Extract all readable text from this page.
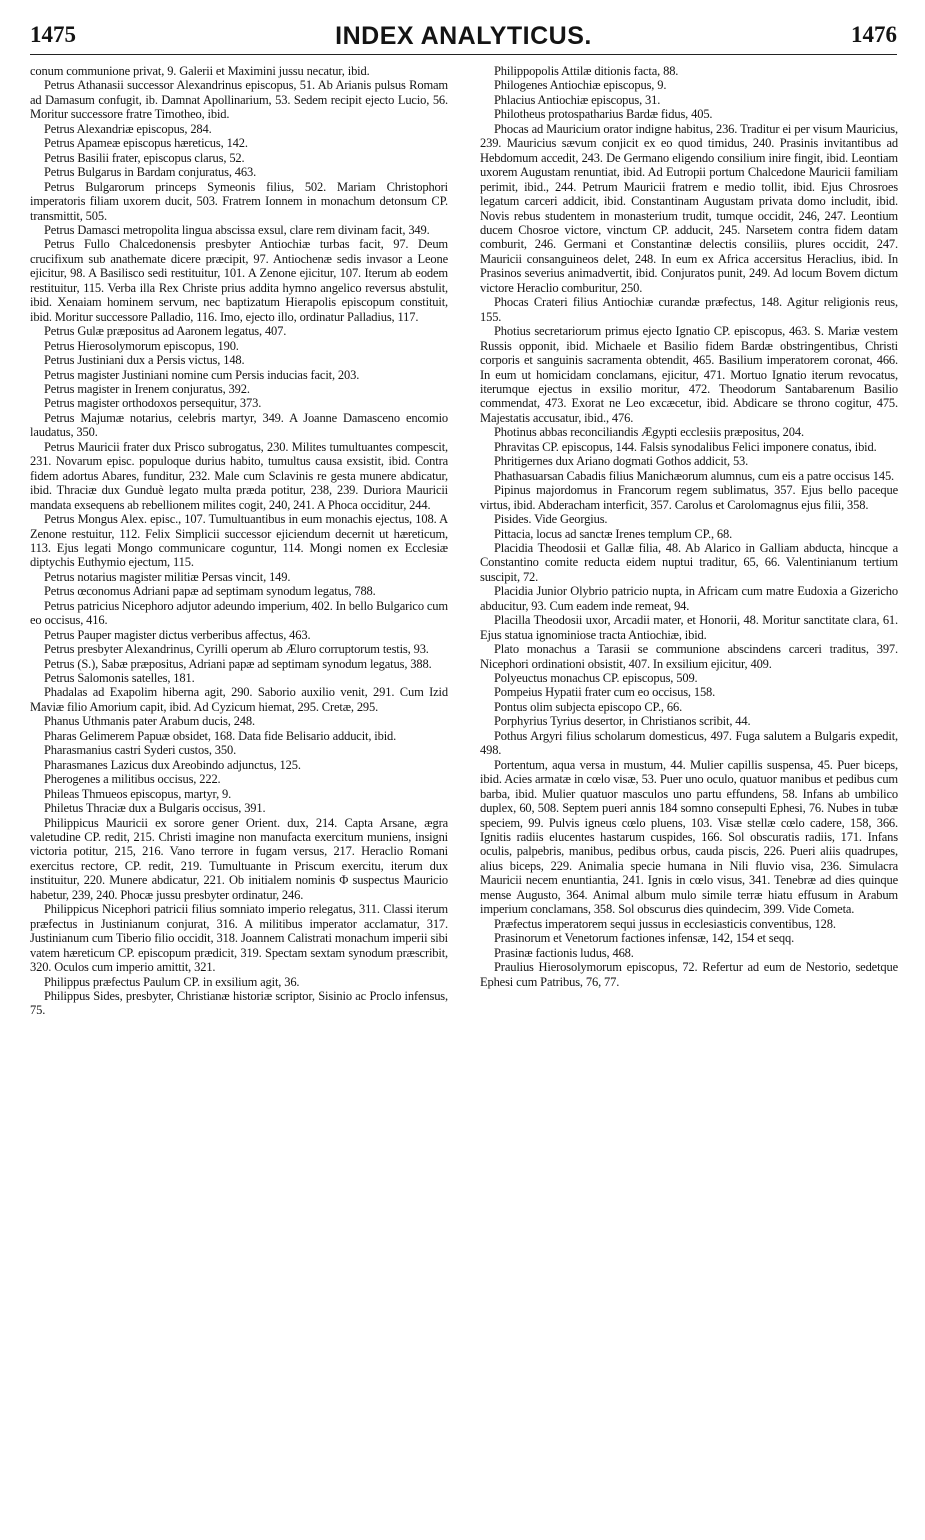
1475	INDEX ANALYTICUS.	1476

conum communione privat, 9. Galerii et Maximini jussu necatur, ibid.

Petrus Athanasii successor Alexandrinus episcopus, 51. Ab Arianis pulsus Romam ad Damasum confugit, ib. Damnat Apollinarium, 53. Sedem recipit ejecto Lucio, 56. Moritur successore fratre Timotheo, ibid.

Petrus Alexandriæ episcopus, 284.

Petrus Apameæ episcopus hæreticus, 142.

Petrus Basilii frater, episcopus clarus, 52.

Petrus Bulgarus in Bardam conjuratus, 463.

Petrus Bulgarorum princeps Symeonis filius, 502. Mariam Christophori imperatoris filiam uxorem ducit, 503. Fratrem Ionnem in monachum detonsum CP. transmittit, 505.

Petrus Damasci metropolita lingua abscissa exsul, clare rem divinam facit, 349.

Petrus Fullo Chalcedonensis presbyter Antiochiæ turbas facit, 97. Deum crucifixum sub anathemate dicere præcipit, 97. Antiochenæ sedis invasor a Leone ejicitur, 98. A Basilisco sedi restituitur, 101. A Zenone ejicitur, 107. Iterum ab eodem restituitur, 115. Verba illa Rex Christe prius addita hymno angelico reversus abstulit, ibid. Xenaiam hominem servum, nec baptizatum Hierapolis episcopum constituit, ibid. Moritur successore Palladio, 116. Imo, ejecto illo, ordinatur Palladius, 117.

Petrus Gulæ præpositus ad Aaronem legatus, 407.

Petrus Hierosolymorum episcopus, 190.

Petrus Justiniani dux a Persis victus, 148.

Petrus magister Justiniani nomine cum Persis inducias facit, 203.

Petrus magister in Irenem conjuratus, 392.

Petrus magister orthodoxos persequitur, 373.

Petrus Majumæ notarius, celebris martyr, 349. A Joanne Damasceno encomio laudatus, 350.

Petrus Mauricii frater dux Prisco subrogatus, 230. Milites tumultuantes compescit, 231. Novarum episc. populoque durius habito, tumultus causa exsistit, ibid. Contra fidem adortus Abares, funditur, 232. Male cum Sclavinis re gesta munere abdicatur, ibid. Thraciæ dux Gunduè legato multa præda potitur, 238, 239. Duriora Mauricii mandata exsequens ab rebellionem milites cogit, 240, 241. A Phoca occiditur, 244.

Petrus Mongus Alex. episc., 107. Tumultuantibus in eum monachis ejectus, 108. A Zenone restuitur, 112. Felix Simplicii successor ejiciendum decernit ut hæreticum, 113. Ejus legati Mongo communicare coguntur, 114. Mongi nomen ex Ecclesiæ diptychis Euthymio ejectum, 115.

Petrus notarius magister militiæ Persas vincit, 149.

Petrus œconomus Adriani papæ ad septimam synodum legatus, 788.

Petrus patricius Nicephoro adjutor adeundo imperium, 402. In bello Bulgarico cum eo occisus, 416.

Petrus Pauper magister dictus verberibus affectus, 463.

Petrus presbyter Alexandrinus, Cyrilli operum ab Æluro corruptorum testis, 93.

Petrus (S.), Sabæ præpositus, Adriani papæ ad septimam synodum legatus, 388.

Petrus Salomonis satelles, 181.

Phadalas ad Exapolim hiberna agit, 290. Saborio auxilio venit, 291. Cum Izid Maviæ filio Amorium capit, ibid. Ad Cyzicum hiemat, 295. Cretæ, 295.

Phanus Uthmanis pater Arabum ducis, 248.

Pharas Gelimerem Papuæ obsidet, 168. Data fide Belisario adducit, ibid.

Pharasmanius castri Syderi custos, 350.

Pharasmanes Lazicus dux Areobindo adjunctus, 125.

Pherogenes a militibus occisus, 222.

Phileas Thmueos episcopus, martyr, 9.

Philetus Thraciæ dux a Bulgaris occisus, 391.

Philippicus Mauricii ex sorore gener Orient. dux, 214. Capta Arsane, ægra valetudine CP. redit, 215. Christi imagine non manufacta exercitum muniens, insigni victoria potitur, 215, 216. Vano terrore in fugam versus, 217. Heraclio Romani exercitus rectore, CP. redit, 219. Tumultuante in Priscum exercitu, iterum dux instituitur, 220. Munere abdicatur, 221. Ob initialem nominis Φ suspectus Mauricio habetur, 239, 240. Phocæ jussu presbyter ordinatur, 246.

Philippicus Nicephori patricii filius somniato imperio relegatus, 311. Classi iterum præfectus in Justinianum conjurat, 316. A militibus imperator acclamatur, 317. Justinianum cum Tiberio filio occidit, 318. Joannem Calistrati monachum imperii sibi vatem hæreticum CP. episcopum prædicit, 319. Spectam sextam synodum præscribit, 320. Oculos cum imperio amittit, 321.

Philippus præfectus Paulum CP. in exsilium agit, 36.

Philippus Sides, presbyter, Christianæ historiæ scriptor, Sisinio ac Proclo infensus, 75.

Philippopolis Attilæ ditionis facta, 88.

Philogenes Antiochiæ episcopus, 9.

Phlacius Antiochiæ episcopus, 31.

Philotheus protospatharius Bardæ fidus, 405.

Phocas ad Mauricium orator indigne habitus, 236. Traditur ei per visum Mauricius, 239. Mauricius sævum conjicit ex eo quod timidus, 240. Prasinis invitantibus ad Hebdomum accedit, 243. De Germano eligendo consilium inire fingit, ibid. Leontiam uxorem Augustam renuntiat, ibid. Ad Eutropii portum Chalcedone Mauricii familiam perimit, ibid., 244. Petrum Mauricii fratrem e medio tollit, ibid. Ejus Chrosroes legatum carceri addicit, ibid. Constantinam Augustam privata domo includit, ibid. Novis rebus studentem in monasterium trudit, tumque occidit, 246, 247. Leontium ducem Chosroe victore, vinctum CP. adducit, 245. Narsetem contra fidem datam comburit, 246. Germani et Constantinæ delectis consiliis, plures occidit, 247. Mauricii consanguineos delet, 248. In eum ex Africa accersitus Heraclius, ibid. In Prasinos severius animadvertit, ibid. Conjuratos punit, 249. Ad locum Bovem dictum victore Heraclio comburitur, 250.

Phocas Crateri filius Antiochiæ curandæ præfectus, 148. Agitur religionis reus, 155.

Photius secretariorum primus ejecto Ignatio CP. episcopus, 463. S. Mariæ vestem Russis opponit, ibid. Michaele et Basilio fidem Bardæ obstringentibus, Christi corporis et sanguinis sacramenta obtendit, 465. Basilium imperatorem coronat, 466. In eum ut homicidam conclamans, ejicitur, 471. Mortuo Ignatio iterum revocatus, iterumque ejectus in exsilio moritur, 472. Theodorum Santabarenum Basilio commendat, 473. Exorat ne Leo excæcetur, ibid. Abdicare se throno cogitur, 475. Majestatis accusatur, ibid., 476.

Photinus abbas reconciliandis Ægypti ecclesiis præpositus, 204.

Phravitas CP. episcopus, 144. Falsis synodalibus Felici imponere conatus, ibid.

Phritigernes dux Ariano dogmati Gothos addicit, 53.

Phathasuarsan Cabadis filius Manichæorum alumnus, cum eis a patre occisus 145.

Pipinus majordomus in Francorum regem sublimatus, 357. Ejus bello paceque virtus, ibid. Abderacham interficit, 357. Carolus et Carolomagnus ejus filii, 358.

Pisides. Vide Georgius.

Pittacia, locus ad sanctæ Irenes templum CP., 68.

Placidia Theodosii et Gallæ filia, 48. Ab Alarico in Galliam abducta, hincque a Constantino comite reducta eidem nuptui traditur, 65, 66. Valentinianum tertium suscipit, 72.

Placidia Junior Olybrio patricio nupta, in Africam cum matre Eudoxia a Gizericho abducitur, 93. Cum eadem inde remeat, 94.

Placilla Theodosii uxor, Arcadii mater, et Honorii, 48. Moritur sanctitate clara, 61. Ejus statua ignominiose tracta Antiochiæ, ibid.

Plato monachus a Tarasii se communione abscindens carceri traditus, 397. Nicephori ordinationi obsistit, 407. In exsilium ejicitur, 409.

Polyeuctus monachus CP. episcopus, 509.

Pompeius Hypatii frater cum eo occisus, 158.

Pontus olim subjecta episcopo CP., 66.

Porphyrius Tyrius desertor, in Christianos scribit, 44.

Pothus Argyri filius scholarum domesticus, 497. Fuga salutem a Bulgaris expedit, 498.

Portentum, aqua versa in mustum, 44. Mulier capillis suspensa, 45. Puer biceps, ibid. Acies armatæ in cœlo visæ, 53. Puer uno oculo, quatuor manibus et pedibus cum barba, ibid. Mulier quatuor masculos uno partu effundens, 58. Infans ab umbilico duplex, 60, 508. Septem pueri annis 184 somno consepulti Ephesi, 76. Nubes in tubæ speciem, 99. Pulvis igneus cœlo pluens, 103. Visæ stellæ cœlo cadere, 158, 366. Ignitis radiis elucentes hastarum cuspides, 166. Sol obscuratis radiis, 171. Infans oculis, palpebris, manibus, pedibus orbus, cauda piscis, 226. Pueri aliis quadrupes, alius biceps, 229. Animalia specie humana in Nili fluvio visa, 236. Simulacra Mauricii necem enuntiantia, 241. Ignis in cœlo visus, 341. Tenebræ ad dies quinque mense Augusto, 364. Animal album mulo simile terræ hiatu effusum in Arabum imperium conclamans, 358. Sol obscurus dies quindecim, 399. Vide Cometa.

Præfectus imperatorem sequi jussus in ecclesiasticis conventibus, 128.

Prasinorum et Venetorum factiones infensæ, 142, 154 et seqq.

Prasinæ factionis ludus, 468.

Praulius Hierosolymorum episcopus, 72. Refertur ad eum de Nestorio, sedetque Ephesi cum Patribus, 76, 77.
